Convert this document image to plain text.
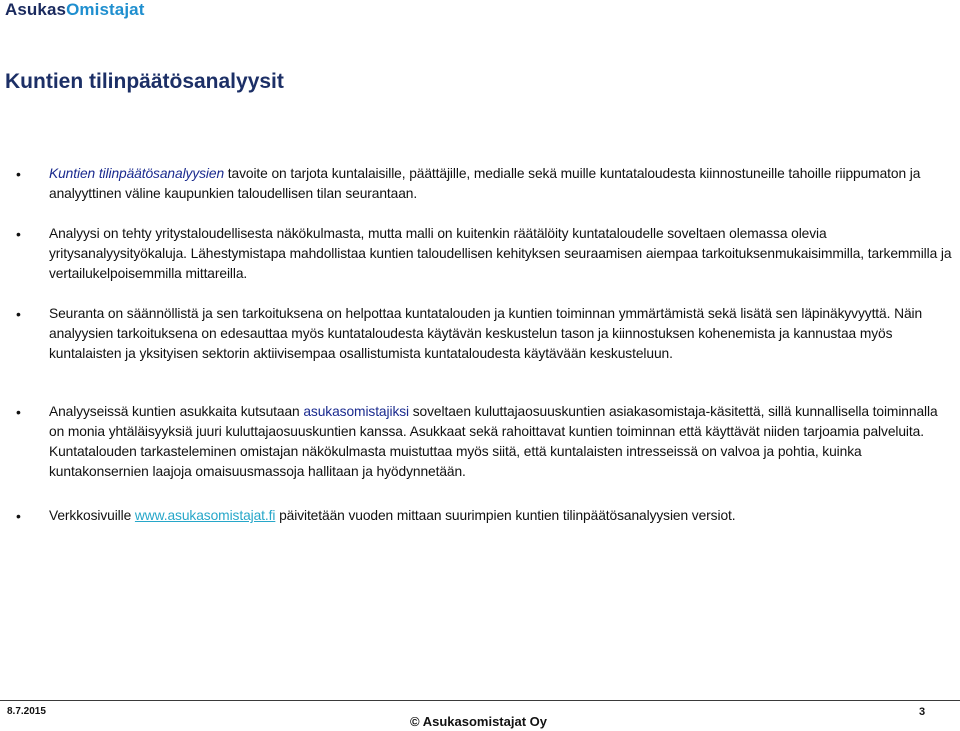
AsukasOmistajat
Kuntien tilinpäätösanalyysit
• Kuntien tilinpäätösanalyysien tavoite on tarjota kuntalaisille, päättäjille, medialle sekä muille kuntataloudesta kiinnostuneille tahoille riippumaton ja analyyttinen väline kaupunkien taloudellisen tilan seurantaan.
• Analyysi on tehty yritystaloudellisesta näkökulmasta, mutta malli on kuitenkin räätälöity kuntataloudelle soveltaen olemassa olevia yritysanalyysityökaluja. Lähestymistapa mahdollistaa kuntien taloudellisen kehityksen seuraamisen aiempaa tarkoituksenmukaisimmilla, tarkemmilla ja vertailukelpoisemmilla mittareilla.
• Seuranta on säännöllistä ja sen tarkoituksena on helpottaa kuntatalouden ja kuntien toiminnan ymmärtämistä sekä lisätä sen läpinäkyvyyttä. Näin analyysien tarkoituksena on edesauttaa myös kuntataloudesta käytävän keskustelun tason ja kiinnostuksen kohenemista ja kannustaa myös kuntalaisten ja yksityisen sektorin aktiivisempaa osallistumista kuntataloudesta käytävään keskusteluun.
• Analyyseissä kuntien asukkaita kutsutaan asukasomistajiksi soveltaen kuluttajaosuuskuntien asiakasomistaja-käsitettä, sillä kunnallisella toiminnalla on monia yhtäläisyyksiä juuri kuluttajaosuuskuntien kanssa. Asukkaat sekä rahoittavat kuntien toiminnan että käyttävät niiden tarjoamia palveluita. Kuntatalouden tarkasteleminen omistajan näkökulmasta muistuttaa myös siitä, että kuntalaisten intresseissä on valvoa ja pohtia, kuinka kuntakonsernien laajoja omaisuusmassoja hallitaan ja hyödynnetään.
• Verkkosivuille www.asukasomistajat.fi päivitetään vuoden mittaan suurimpien kuntien tilinpäätösanalyysien versiot.
8.7.2015
© Asukasomistajat Oy
3
